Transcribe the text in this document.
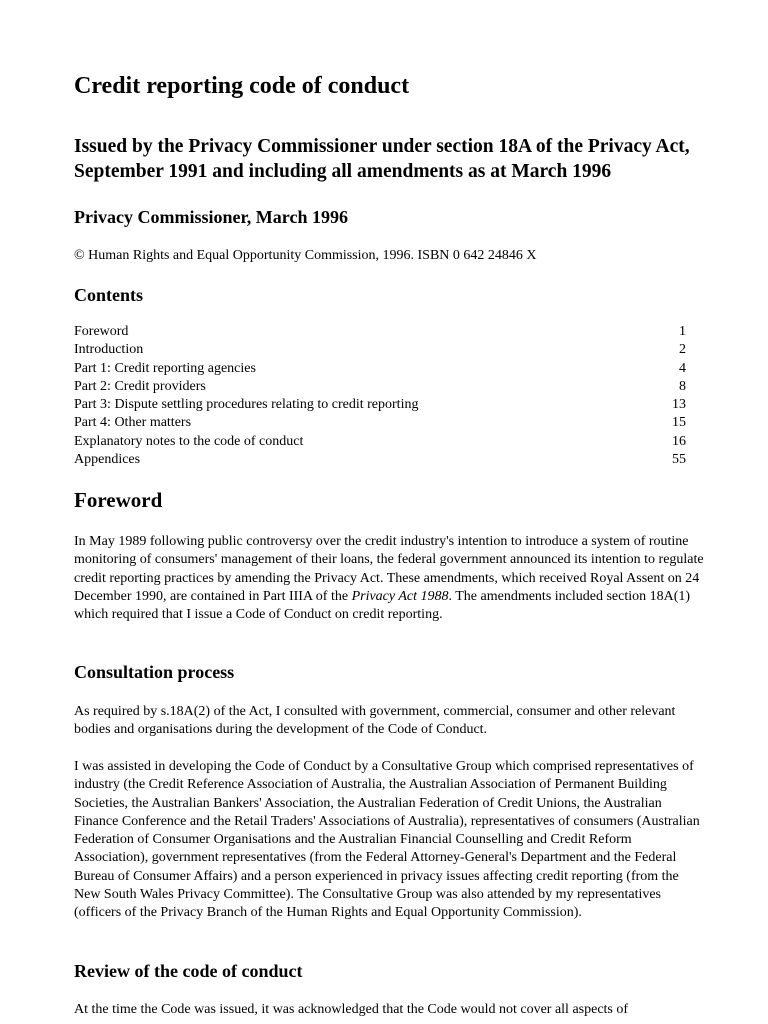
Credit reporting code of conduct

Issued by the Privacy Commissioner under section 18A of the Privacy Act, September 1991 and including all amendments as at March 1996

Privacy Commissioner, March 1996

© Human Rights and Equal Opportunity Commission, 1996. ISBN 0 642 24846 X

Contents
Foreword	1
Introduction	2
Part 1: Credit reporting agencies	4
Part 2: Credit providers	8
Part 3: Dispute settling procedures relating to credit reporting	13
Part 4: Other matters	15
Explanatory notes to the code of conduct	16
Appendices	55
Foreword

In May 1989 following public controversy over the credit industry's intention to introduce a system of routine monitoring of consumers' management of their loans, the federal government announced its intention to regulate credit reporting practices by amending the Privacy Act. These amendments, which received Royal Assent on 24 December 1990, are contained in Part IIIA of the Privacy Act 1988. The amendments included section 18A(1) which required that I issue a Code of Conduct on credit reporting.

Consultation process

As required by s.18A(2) of the Act, I consulted with government, commercial, consumer and other relevant bodies and organisations during the development of the Code of Conduct.

I was assisted in developing the Code of Conduct by a Consultative Group which comprised representatives of industry (the Credit Reference Association of Australia, the Australian Association of Permanent Building Societies, the Australian Bankers' Association, the Australian Federation of Credit Unions, the Australian Finance Conference and the Retail Traders' Associations of Australia), representatives of consumers (Australian Federation of Consumer Organisations and the Australian Financial Counselling and Credit Reform Association), government representatives (from the Federal Attorney-General's Department and the Federal Bureau of Consumer Affairs) and a person experienced in privacy issues affecting credit reporting (from the New South Wales Privacy Committee). The Consultative Group was also attended by my representatives (officers of the Privacy Branch of the Human Rights and Equal Opportunity Commission).

Review of the code of conduct

At the time the Code was issued, it was acknowledged that the Code would not cover all aspects of
